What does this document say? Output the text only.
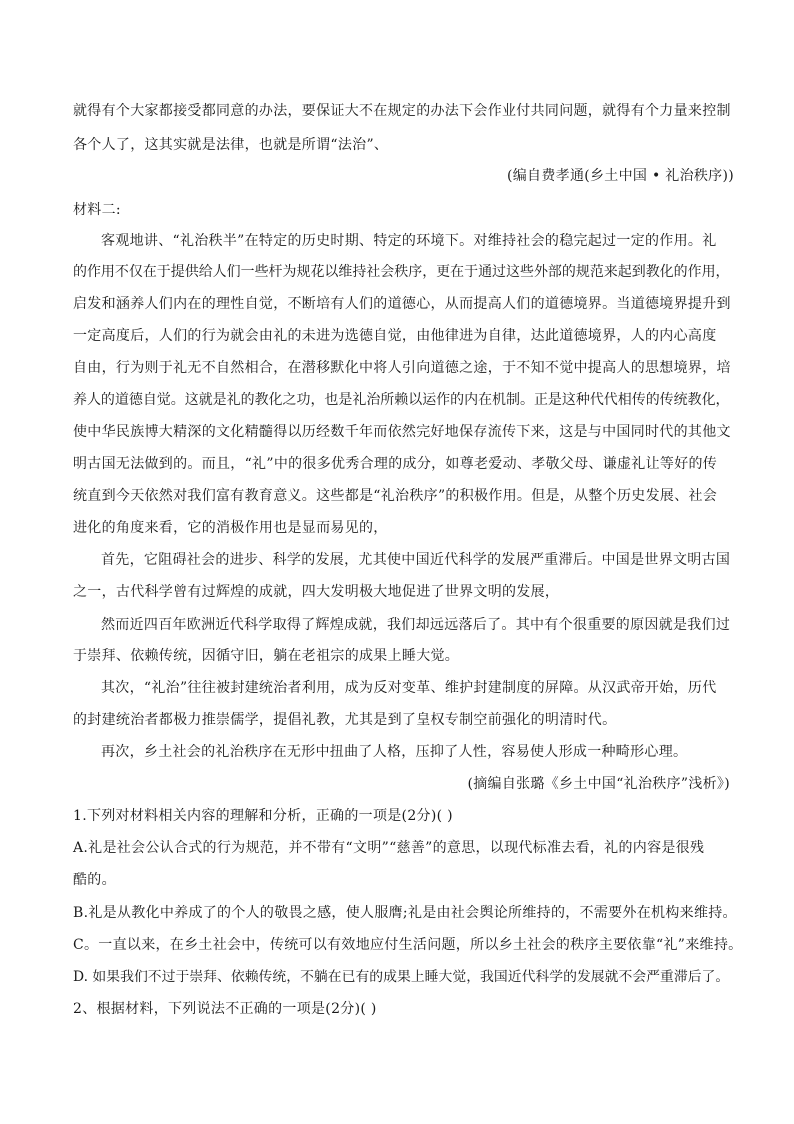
就得有个大家都接受都同意的办法，要保证大不在规定的办法下会作业付共同问题，就得有个力量来控制
各个人了，这其实就是法律，也就是所谓“法治”、
(编自费孝通(乡土中国 • 礼治秩序))
材料二:
客观地讲、“礼治秩半”在特定的历史时期、特定的环境下。对维持社会的稳完起过一定的作用。礼
的作用不仅在于提供给人们一些杆为规花以维持社会秩序，更在于通过这些外部的规范来起到教化的作用，
启发和涵养人们内在的理性自觉，不断培有人们的道德心，从而提高人们的道德境界。当道德境界提升到
一定高度后，人们的行为就会由礼的未进为选德自觉，由他律进为自律，达此道德境界，人的内心高度
自由，行为则于礼无不自然相合，在潜移默化中将人引向道德之途，于不知不觉中提高人的思想境界，培
养人的道德自觉。这就是礼的教化之功，也是礼治所赖以运作的内在机制。正是这种代代相传的传统教化，
使中华民族博大精深的文化精髓得以历经数千年而依然完好地保存流传下来，这是与中国同时代的其他文
明古国无法做到的。而且，“礼”中的很多优秀合理的成分，如尊老爱动、孝敬父母、谦虚礼让等好的传
统直到今天依然对我们富有教育意义。这些都是“礼治秩序”的积极作用。但是，从整个历史发展、社会
进化的角度来看，它的消极作用也是显而易见的，
首先，它阻碍社会的进步、科学的发展，尤其使中国近代科学的发展严重滞后。中国是世界文明古国
之一，古代科学曾有过辉煌的成就，四大发明极大地促进了世界文明的发展，
然而近四百年欧洲近代科学取得了辉煌成就，我们却远远落后了。其中有个很重要的原因就是我们过
于崇拜、依赖传统，因循守旧，躺在老祖宗的成果上睡大觉。
其次，“礼治”往往被封建统治者利用，成为反对变革、维护封建制度的屏障。从汉武帝开始，历代
的封建统治者都极力推崇儒学，提倡礼教，尤其是到了皇权专制空前强化的明清时代。
再次，乡土社会的礼治秩序在无形中扭曲了人格，压抑了人性，容易使人形成一种畸形心理。
(摘编自张璐《乡土中国“礼治秩序”浅析》)
1.下列对材料相关内容的理解和分析，正确的一项是(2分)( )
A.礼是社会公认合式的行为规范，并不带有“文明”“慈善”的意思，以现代标准去看，礼的内容是很残
酷的。
B.礼是从教化中养成了的个人的敬畏之感，使人服膺;礼是由社会舆论所维持的，不需要外在机构来维持。
C。一直以来，在乡土社会中，传统可以有效地应付生活问题，所以乡土社会的秩序主要依靠“礼”来维持。
D. 如果我们不过于崇拜、依赖传统，不躺在已有的成果上睡大觉，我国近代科学的发展就不会严重滞后了。
2、根据材料，下列说法不正确的一项是(2分)( )
